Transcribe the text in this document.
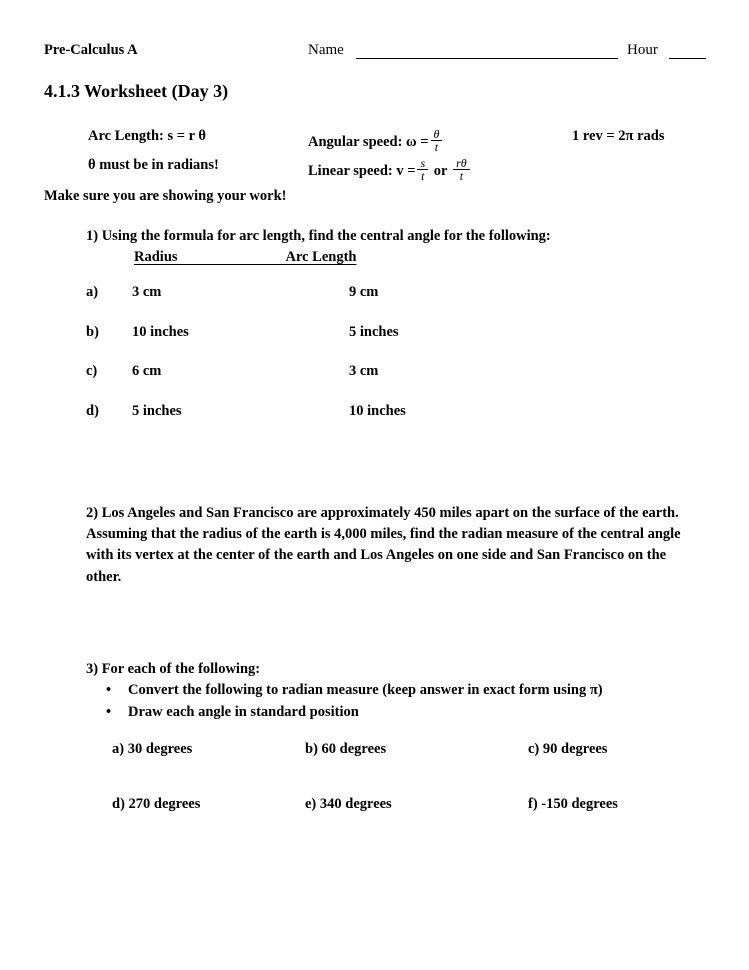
Pre-Calculus A	Name	Hour
4.1.3 Worksheet (Day 3)
Arc Length: s = r θ	Angular speed: $\omega = \frac{\theta}{t}$	1 rev = 2π rads
θ must be in radians!	Linear speed: $v = \frac{s}{t}$ or $\frac{r\theta}{t}$
Make sure you are showing your work!
1) Using the formula for arc length, find the central angle for the following:
Radius                              Arc Length
a) 3 cm	9 cm
b) 10 inches	5 inches
c) 6 cm	3 cm
d) 5 inches	10 inches
2) Los Angeles and San Francisco are approximately 450 miles apart on the surface of the earth. Assuming that the radius of the earth is 4,000 miles, find the radian measure of the central angle with its vertex at the center of the earth and Los Angeles on one side and San Francisco on the other.
3) For each of the following:
• Convert the following to radian measure (keep answer in exact form using π)
• Draw each angle in standard position
a) 30 degrees	b) 60 degrees	c) 90 degrees
d) 270 degrees	e) 340 degrees	f) -150 degrees
